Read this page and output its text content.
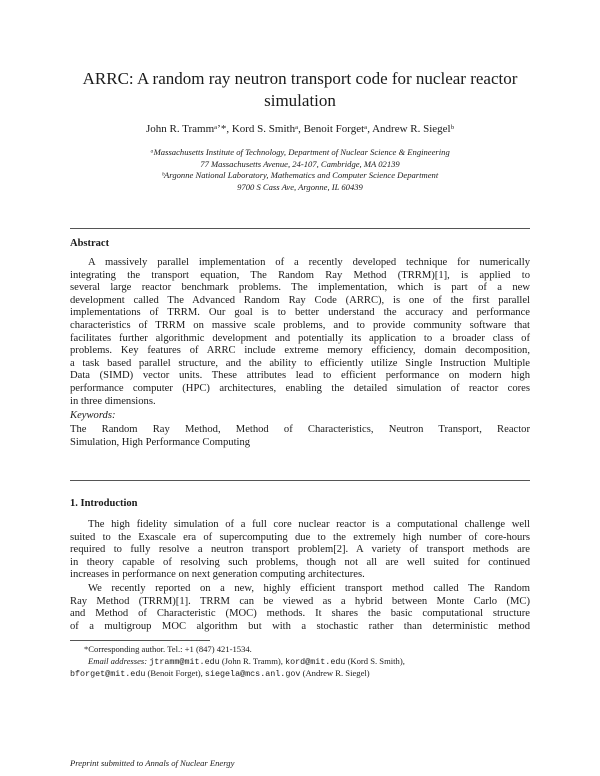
ARRC: A random ray neutron transport code for nuclear reactor
simulation
John R. Trammᵃʼ*, Kord S. Smithᵃ, Benoit Forgetᵃ, Andrew R. Siegelᵇ
ᵃMassachusetts Institute of Technology, Department of Nuclear Science & Engineering
77 Massachusetts Avenue, 24-107, Cambridge, MA 02139
ᵇArgonne National Laboratory, Mathematics and Computer Science Department
9700 S Cass Ave, Argonne, IL 60439
Abstract
A massively parallel implementation of a recently developed technique for numerically
integrating the transport equation, The Random Ray Method (TRRM)[1], is applied to
several large reactor benchmark problems. The implementation, which is part of a new
development called The Advanced Random Ray Code (ARRC), is one of the first parallel
implementations of TRRM. Our goal is to better understand the accuracy and performance
characteristics of TRRM on massive scale problems, and to provide community software that
facilitates further algorithmic development and potentially its application to a broader class of
problems. Key features of ARRC include extreme memory efficiency, domain decomposition,
a task based parallel structure, and the ability to efficiently utilize Single Instruction Multiple
Data (SIMD) vector units. These attributes lead to efficient performance on modern high
performance computer (HPC) architectures, enabling the detailed simulation of reactor cores
in three dimensions.
Keywords:
The Random Ray Method, Method of Characteristics, Neutron Transport, Reactor
Simulation, High Performance Computing
1. Introduction
The high fidelity simulation of a full core nuclear reactor is a computational challenge well
suited to the Exascale era of supercomputing due to the extremely high number of core-hours
required to fully resolve a neutron transport problem[2]. A variety of transport methods are
in theory capable of resolving such problems, though not all are well suited for continued
increases in performance on next generation computing architectures.
We recently reported on a new, highly efficient transport method called The Random
Ray Method (TRRM)[1]. TRRM can be viewed as a hybrid between Monte Carlo (MC)
and Method of Characteristic (MOC) methods. It shares the basic computational structure
of a multigroup MOC algorithm but with a stochastic rather than deterministic method
*Corresponding author. Tel.: +1 (847) 421-1534.
Email addresses: jtramm@mit.edu (John R. Tramm), kord@mit.edu (Kord S. Smith),
bforget@mit.edu (Benoit Forget), siegela@mcs.anl.gov (Andrew R. Siegel)
Preprint submitted to Annals of Nuclear Energy
